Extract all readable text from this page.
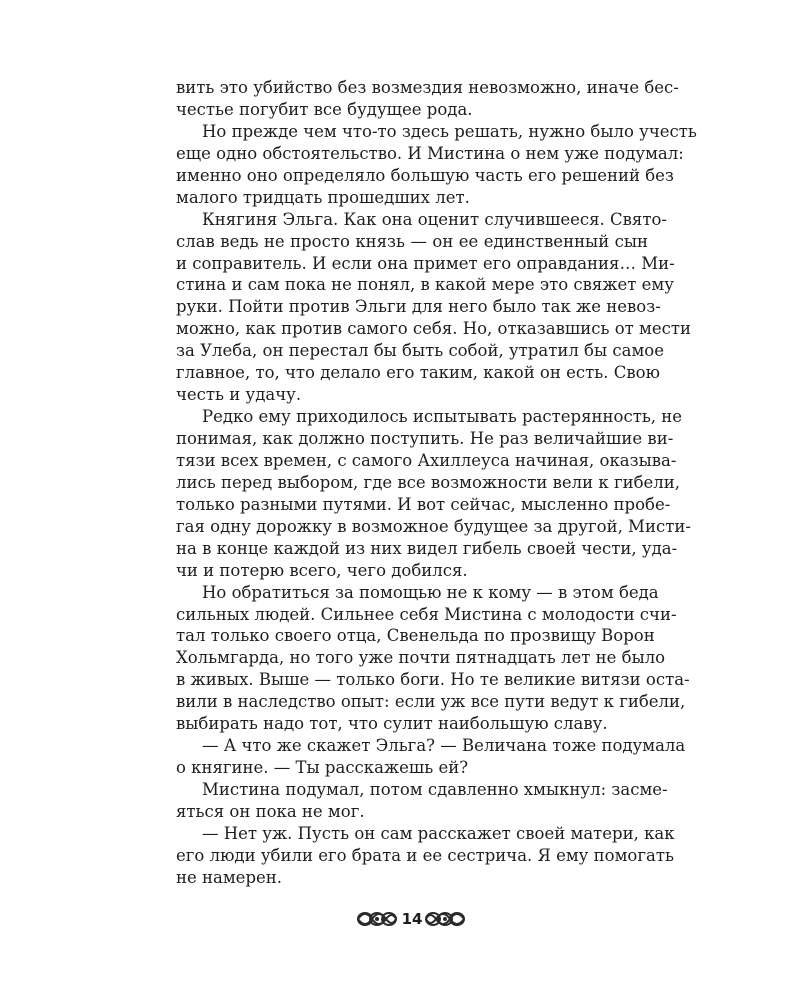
вить это убийство без возмездия невозможно, иначе бес-
честье погубит все будущее рода.
Но прежде чем что-то здесь решать, нужно было учесть
еще одно обстоятельство. И Мистина о нем уже подумал:
именно оно определяло большую часть его решений без
малого тридцать прошедших лет.
Княгиня Эльга. Как она оценит случившееся. Свято-
слав ведь не просто князь — он ее единственный сын
и соправитель. И если она примет его оправдания… Ми-
стина и сам пока не понял, в какой мере это свяжет ему
руки. Пойти против Эльги для него было так же невоз-
можно, как против самого себя. Но, отказавшись от мести
за Улеба, он перестал бы быть собой, утратил бы самое
главное, то, что делало его таким, какой он есть. Свою
честь и удачу.
Редко ему приходилось испытывать растерянность, не
понимая, как должно поступить. Не раз величайшие ви-
тязи всех времен, с самого Ахиллеуса начиная, оказыва-
лись перед выбором, где все возможности вели к гибели,
только разными путями. И вот сейчас, мысленно пробе-
гая одну дорожку в возможное будущее за другой, Мисти-
на в конце каждой из них видел гибель своей чести, уда-
чи и потерю всего, чего добился.
Но обратиться за помощью не к кому — в этом беда
сильных людей. Сильнее себя Мистина с молодости счи-
тал только своего отца, Свенельда по прозвищу Ворон
Хольмгарда, но того уже почти пятнадцать лет не было
в живых. Выше — только боги. Но те великие витязи оста-
вили в наследство опыт: если уж все пути ведут к гибели,
выбирать надо тот, что сулит наибольшую славу.
— А что же скажет Эльга? — Величана тоже подумала
о княгине. — Ты расскажешь ей?
Мистина подумал, потом сдавленно хмыкнул: засме-
яться он пока не мог.
— Нет уж. Пусть он сам расскажет своей матери, как
его люди убили его брата и ее сестрича. Я ему помогать
не намерен.
14
